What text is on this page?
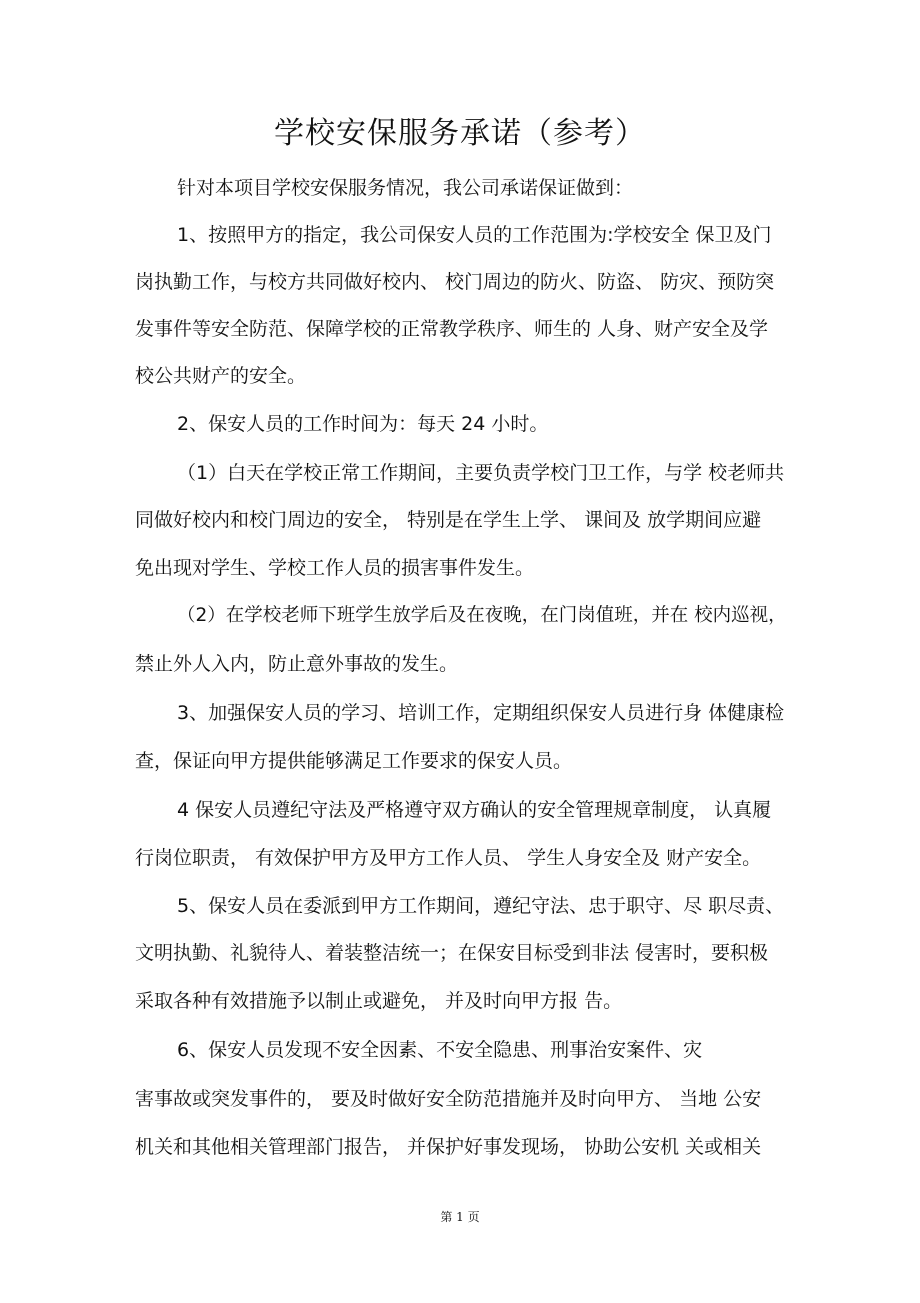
学校安保服务承诺（参考）
针对本项目学校安保服务情况，我公司承诺保证做到：
1、按照甲方的指定，我公司保安人员的工作范围为:学校安全 保卫及门
岗执勤工作，与校方共同做好校内、 校门周边的防火、防盗、 防灾、预防突
发事件等安全防范、保障学校的正常教学秩序、师生的 人身、财产安全及学
校公共财产的安全。
2、保安人员的工作时间为：每天 24 小时。
（1）白天在学校正常工作期间，主要负责学校门卫工作，与学 校老师共
同做好校内和校门周边的安全， 特别是在学生上学、 课间及 放学期间应避
免出现对学生、学校工作人员的损害事件发生。
（2）在学校老师下班学生放学后及在夜晚，在门岗值班，并在 校内巡视，
禁止外人入内，防止意外事故的发生。
3、加强保安人员的学习、培训工作，定期组织保安人员进行身 体健康检
查，保证向甲方提供能够满足工作要求的保安人员。
4 保安人员遵纪守法及严格遵守双方确认的安全管理规章制度， 认真履
行岗位职责， 有效保护甲方及甲方工作人员、 学生人身安全及 财产安全。
5、保安人员在委派到甲方工作期间，遵纪守法、忠于职守、尽 职尽责、
文明执勤、礼貌待人、着装整洁统一；在保安目标受到非法 侵害时，要积极
采取各种有效措施予以制止或避免， 并及时向甲方报 告。
6、保安人员发现不安全因素、不安全隐患、刑事治安案件、灾
害事故或突发事件的， 要及时做好安全防范措施并及时向甲方、 当地 公安
机关和其他相关管理部门报告， 并保护好事发现场， 协助公安机 关或相关
第 1 页
